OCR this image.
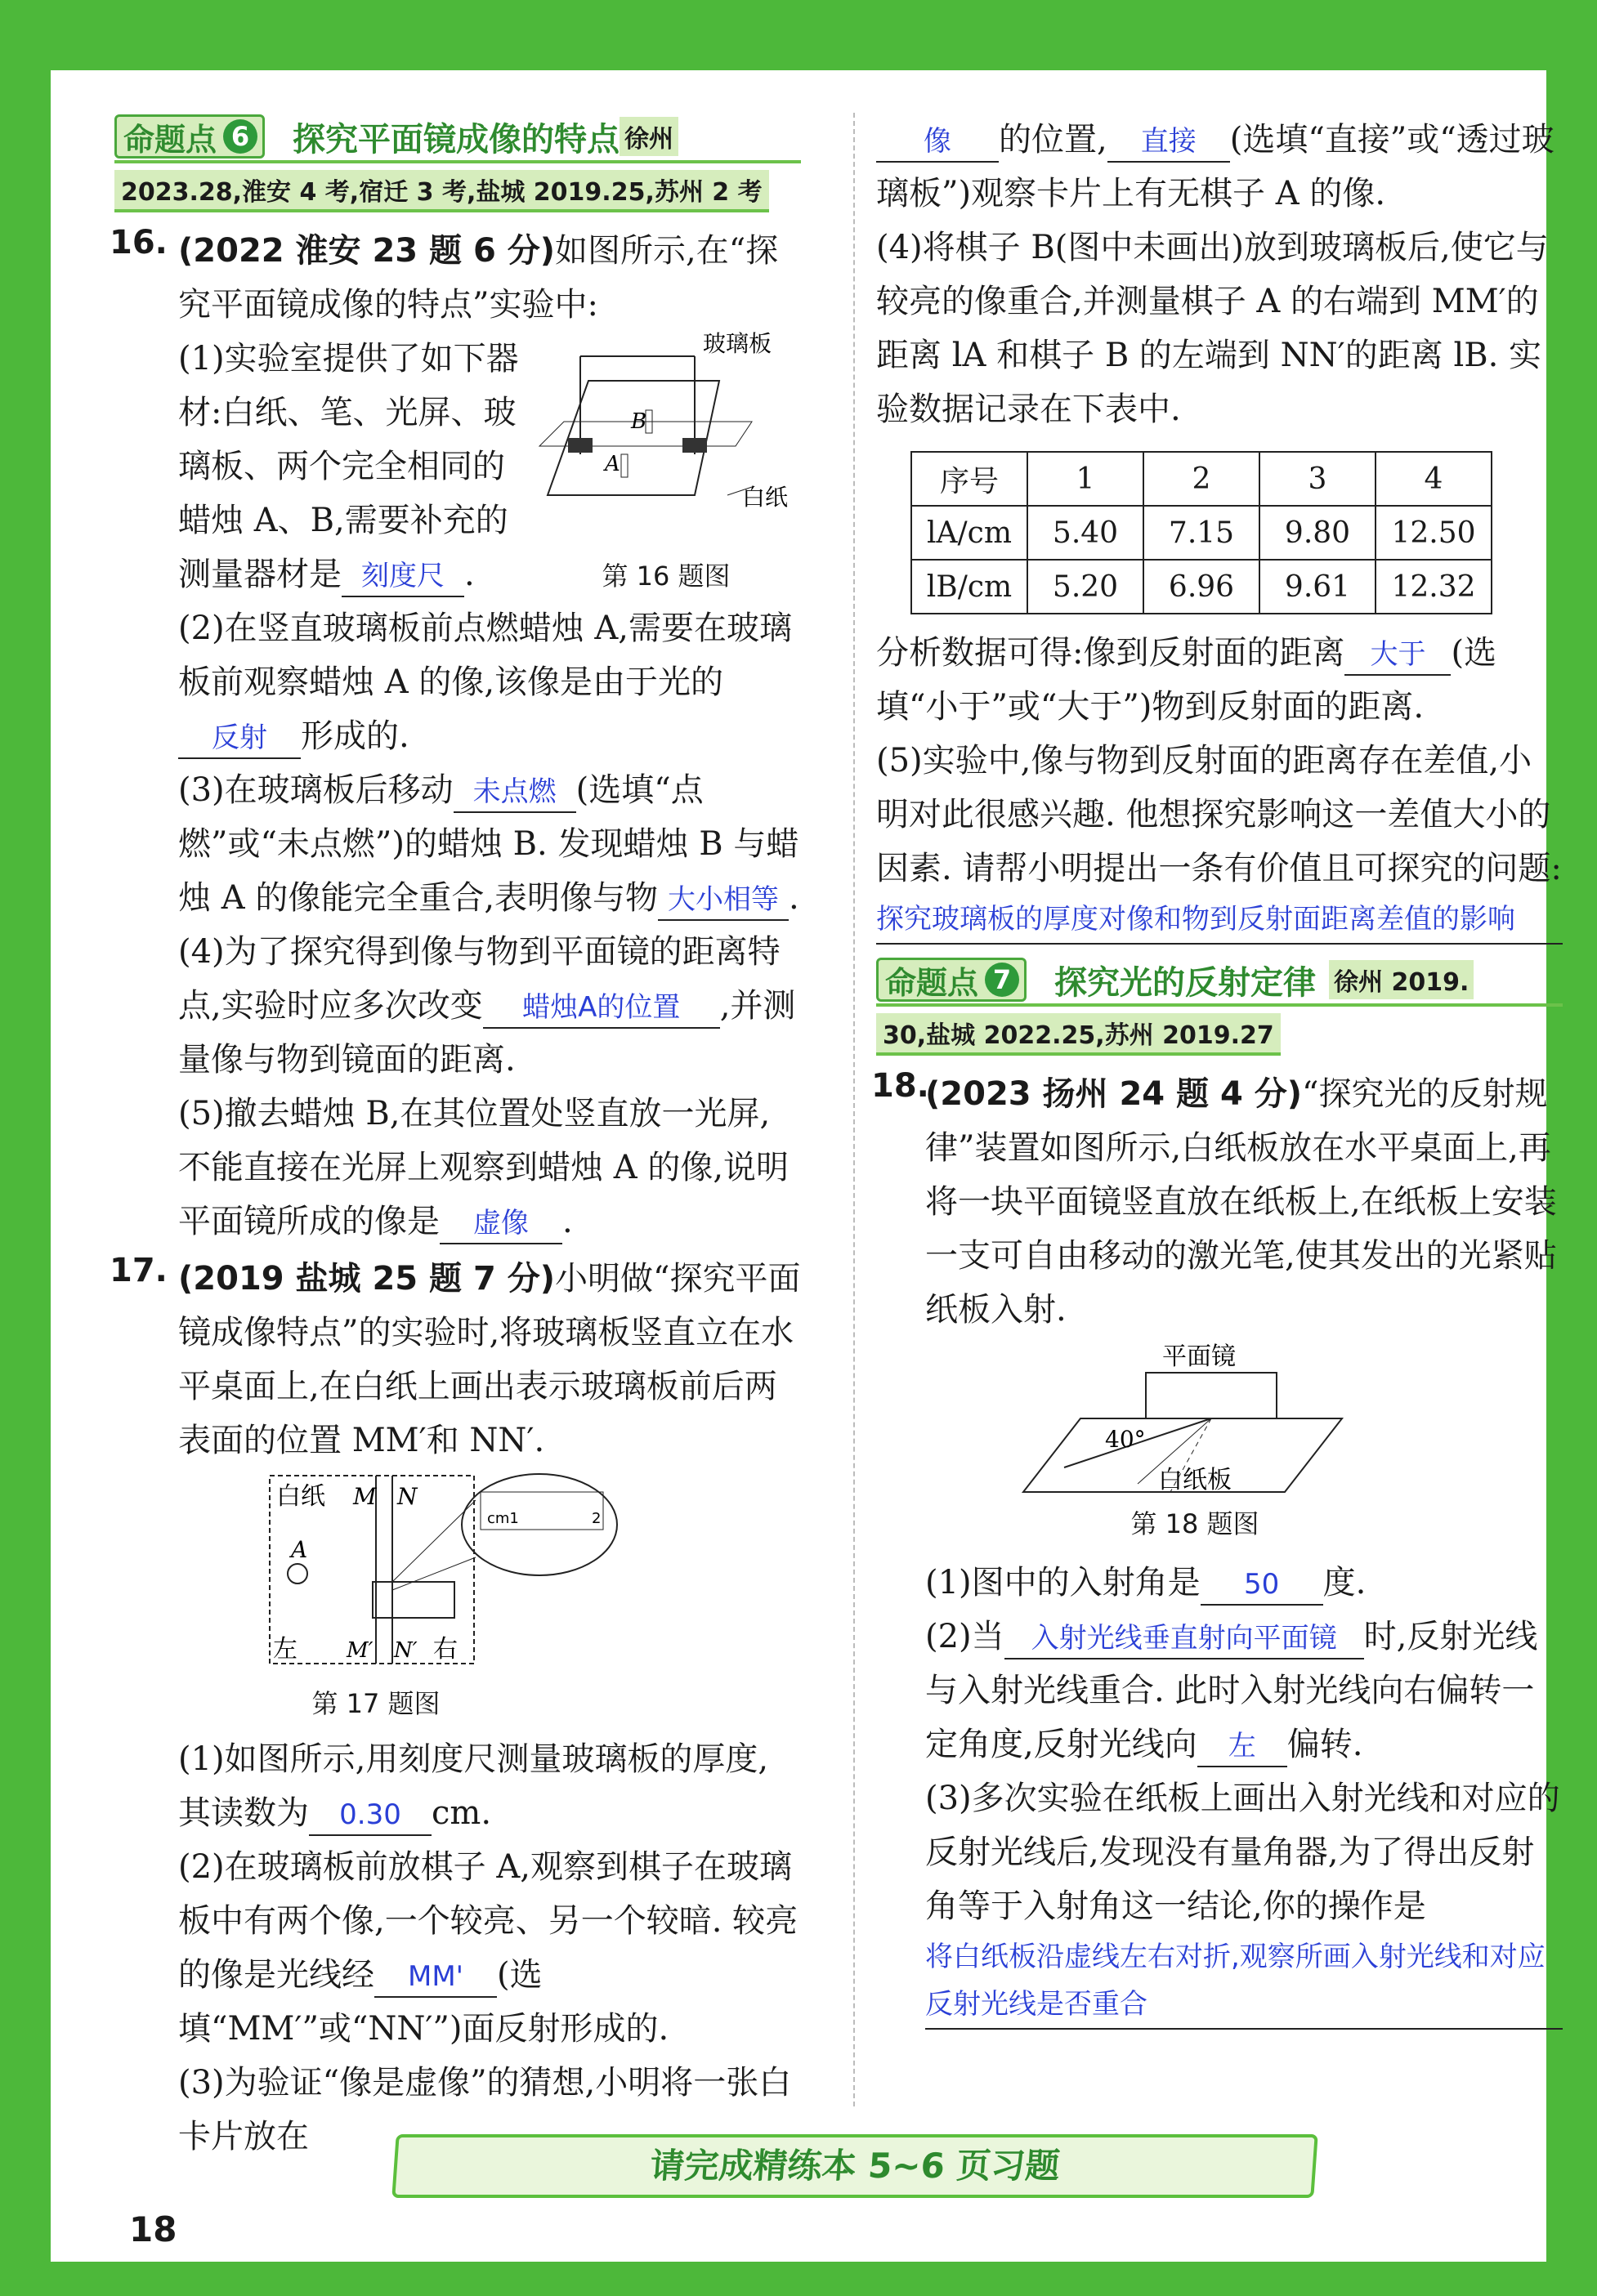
命题点 6 探究平面镜成像的特点 徐州
2023.28,淮安 4 考,宿迁 3 考,盐城 2019.25,苏州 2 考
16. (2022 淮安 23 题 6 分)如图所示,在“探究平面镜成像的特点”实验中:

(1)实验室提供了如下器材:白纸、笔、光屏、玻璃板、两个完全相同的蜡烛 A、B,需要补充的测量器材是 刻度尺 .

B
A
玻璃板
白纸
第 16 题图

(2)在竖直玻璃板前点燃蜡烛 A,需要在玻璃板前观察蜡烛 A 的像,该像是由于光的反射 形成的.

(3)在玻璃板后移动 未点燃 (选填“点燃”或“未点燃”)的蜡烛 B. 发现蜡烛 B 与蜡烛 A 的像能完全重合,表明像与物 大小相等 .

(4)为了探究得到像与物到平面镜的距离特点,实验时应多次改变 蜡烛A的位置 ,并测量像与物到镜面的距离.

(5)撤去蜡烛 B,在其位置处竖直放一光屏,不能直接在光屏上观察到蜡烛 A 的像,说明平面镜所成的像是 虚像 .

17. (2019 盐城 25 题 7 分)小明做“探究平面镜成像特点”的实验时,将玻璃板竖直立在水平桌面上,在白纸上画出表示玻璃板前后两表面的位置 MM′和 NN′.

白纸 M N
A
左 M′ N′ 右
cm1	2
第 17 题图

(1)如图所示,用刻度尺测量玻璃板的厚度,其读数为 0.30 cm.

(2)在玻璃板前放棋子 A,观察到棋子在玻璃板中有两个像,一个较亮、另一个较暗. 较亮的像是光线经 MM' (选填“MM′”或“NN′”)面反射形成的.

(3)为验证“像是虚像”的猜想,小明将一张白卡片放在

像 的位置, 直接 (选填“直接”或“透过玻璃板”)观察卡片上有无棋子 A 的像.

(4)将棋子 B(图中未画出)放到玻璃板后,使它与较亮的像重合,并测量棋子 A 的右端到 MM′的距离 lA 和棋子 B 的左端到 NN′的距离 lB. 实验数据记录在下表中.

序号	1	2	3	4
lA/cm	5.40	7.15	9.80	12.50
lB/cm	5.20	6.96	9.61	12.32

分析数据可得:像到反射面的距离 大于 (选填“小于”或“大于”)物到反射面的距离.

(5)实验中,像与物到反射面的距离存在差值,小明对此很感兴趣. 他想探究影响这一差值大小的因素. 请帮小明提出一条有价值且可探究的问题:

探究玻璃板的厚度对像和物到反射面距离差值的影响
命题点 7 探究光的反射定律 徐州 2019.
30,盐城 2022.25,苏州 2019.27
18.

(2023 扬州 24 题 4 分)“探究光的反射规律”装置如图所示,白纸板放在水平桌面上,再将一块平面镜竖直放在纸板上,在纸板上安装一支可自由移动的激光笔,使其发出的光紧贴纸板入射.

平面镜
40°
白纸板
第 18 题图

(1)图中的入射角是 50 度.

(2)当 入射光线垂直射向平面镜 时,反射光线与入射光线重合. 此时入射光线向右偏转一定角度,反射光线向 左 偏转.

(3)多次实验在纸板上画出入射光线和对应的反射光线后,发现没有量角器,为了得出反射角等于入射角这一结论,你的操作是

将白纸板沿虚线左右对折,观察所画入射光线和对应反射光线是否重合
请完成精练本 5~6 页习题
18
